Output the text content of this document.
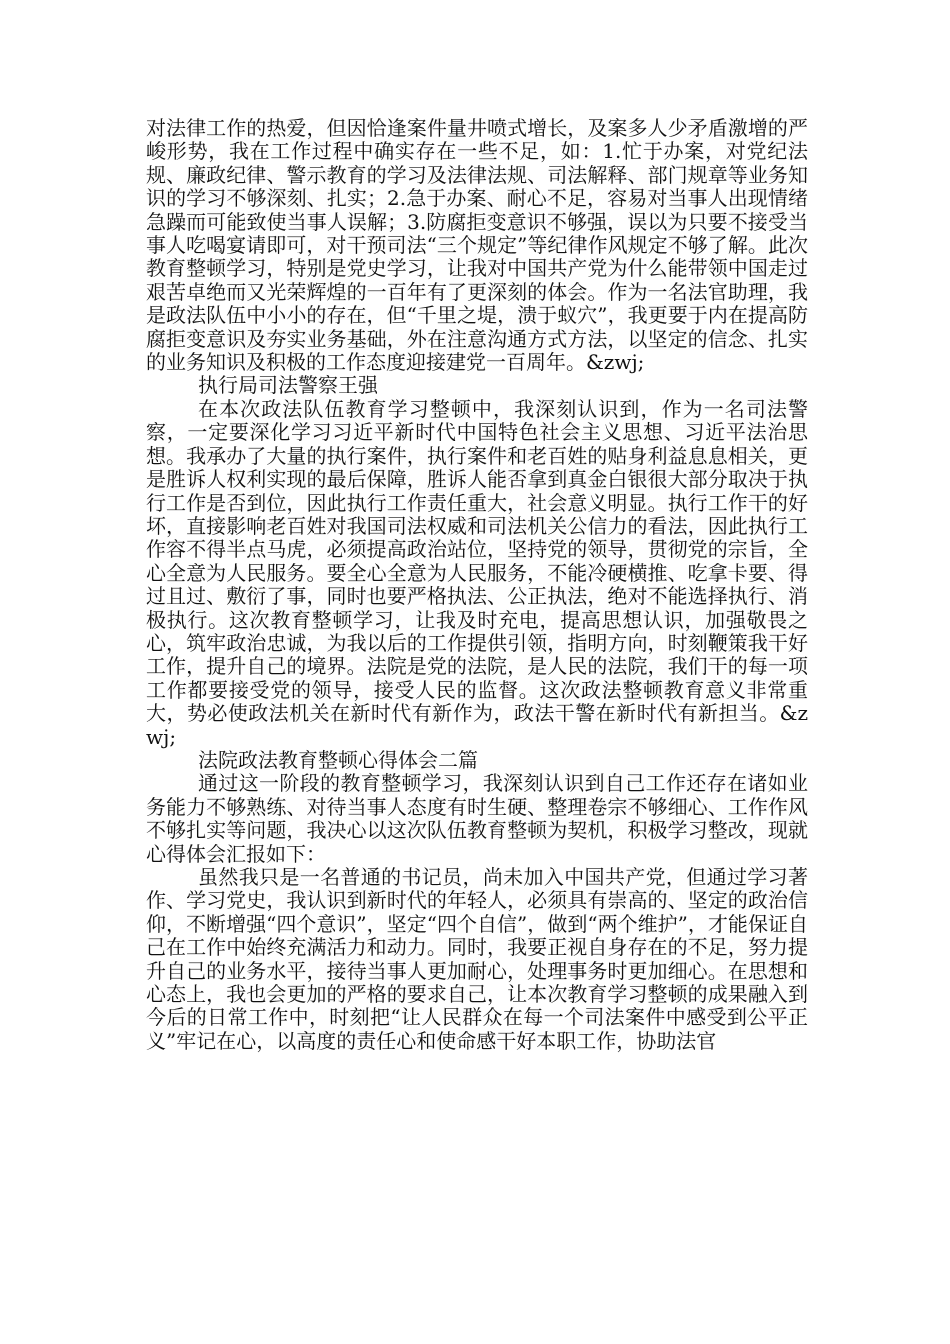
对法律工作的热爱，但因恰逢案件量井喷式增长，及案多人少矛盾激增的严峻形势，我在工作过程中确实存在一些不足，如：1.忙于办案，对党纪法规、廉政纪律、警示教育的学习及法律法规、司法解释、部门规章等业务知识的学习不够深刻、扎实；2.急于办案、耐心不足，容易对当事人出现情绪急躁而可能致使当事人误解；3.防腐拒变意识不够强，误以为只要不接受当事人吃喝宴请即可，对干预司法“三个规定”等纪律作风规定不够了解。此次教育整顿学习，特别是党史学习，让我对中国共产党为什么能带领中国走过艰苦卓绝而又光荣辉煌的一百年有了更深刻的体会。作为一名法官助理，我是政法队伍中小小的存在，但“千里之堤，溃于蚁穴”，我更要于内在提高防腐拒变意识及夯实业务基础，外在注意沟通方式方法，以坚定的信念、扎实的业务知识及积极的工作态度迎接建党一百周年。&zwj;

执行局司法警察王强

在本次政法队伍教育学习整顿中，我深刻认识到，作为一名司法警察，一定要深化学习习近平新时代中国特色社会主义思想、习近平法治思想。我承办了大量的执行案件，执行案件和老百姓的贴身利益息息相关，更是胜诉人权利实现的最后保障，胜诉人能否拿到真金白银很大部分取决于执行工作是否到位，因此执行工作责任重大，社会意义明显。执行工作干的好坏，直接影响老百姓对我国司法权威和司法机关公信力的看法，因此执行工作容不得半点马虎，必须提高政治站位，坚持党的领导，贯彻党的宗旨，全心全意为人民服务。要全心全意为人民服务，不能冷硬横推、吃拿卡要、得过且过、敷衍了事，同时也要严格执法、公正执法，绝对不能选择执行、消极执行。这次教育整顿学习，让我及时充电，提高思想认识，加强敬畏之心，筑牢政治忠诚，为我以后的工作提供引领，指明方向，时刻鞭策我干好工作，提升自己的境界。法院是党的法院，是人民的法院，我们干的每一项工作都要接受党的领导，接受人民的监督。这次政法整顿教育意义非常重大，势必使政法机关在新时代有新作为，政法干警在新时代有新担当。&zwj;

法院政法教育整顿心得体会二篇

通过这一阶段的教育整顿学习，我深刻认识到自己工作还存在诸如业务能力不够熟练、对待当事人态度有时生硬、整理卷宗不够细心、工作作风不够扎实等问题，我决心以这次队伍教育整顿为契机，积极学习整改，现就心得体会汇报如下：

虽然我只是一名普通的书记员，尚未加入中国共产党，但通过学习著作、学习党史，我认识到新时代的年轻人，必须具有崇高的、坚定的政治信仰，不断增强“四个意识”，坚定“四个自信”，做到“两个维护”，才能保证自己在工作中始终充满活力和动力。同时，我要正视自身存在的不足，努力提升自己的业务水平，接待当事人更加耐心，处理事务时更加细心。在思想和心态上，我也会更加的严格的要求自己，让本次教育学习整顿的成果融入到今后的日常工作中，时刻把“让人民群众在每一个司法案件中感受到公平正义”牢记在心，以高度的责任心和使命感干好本职工作，协助法官
